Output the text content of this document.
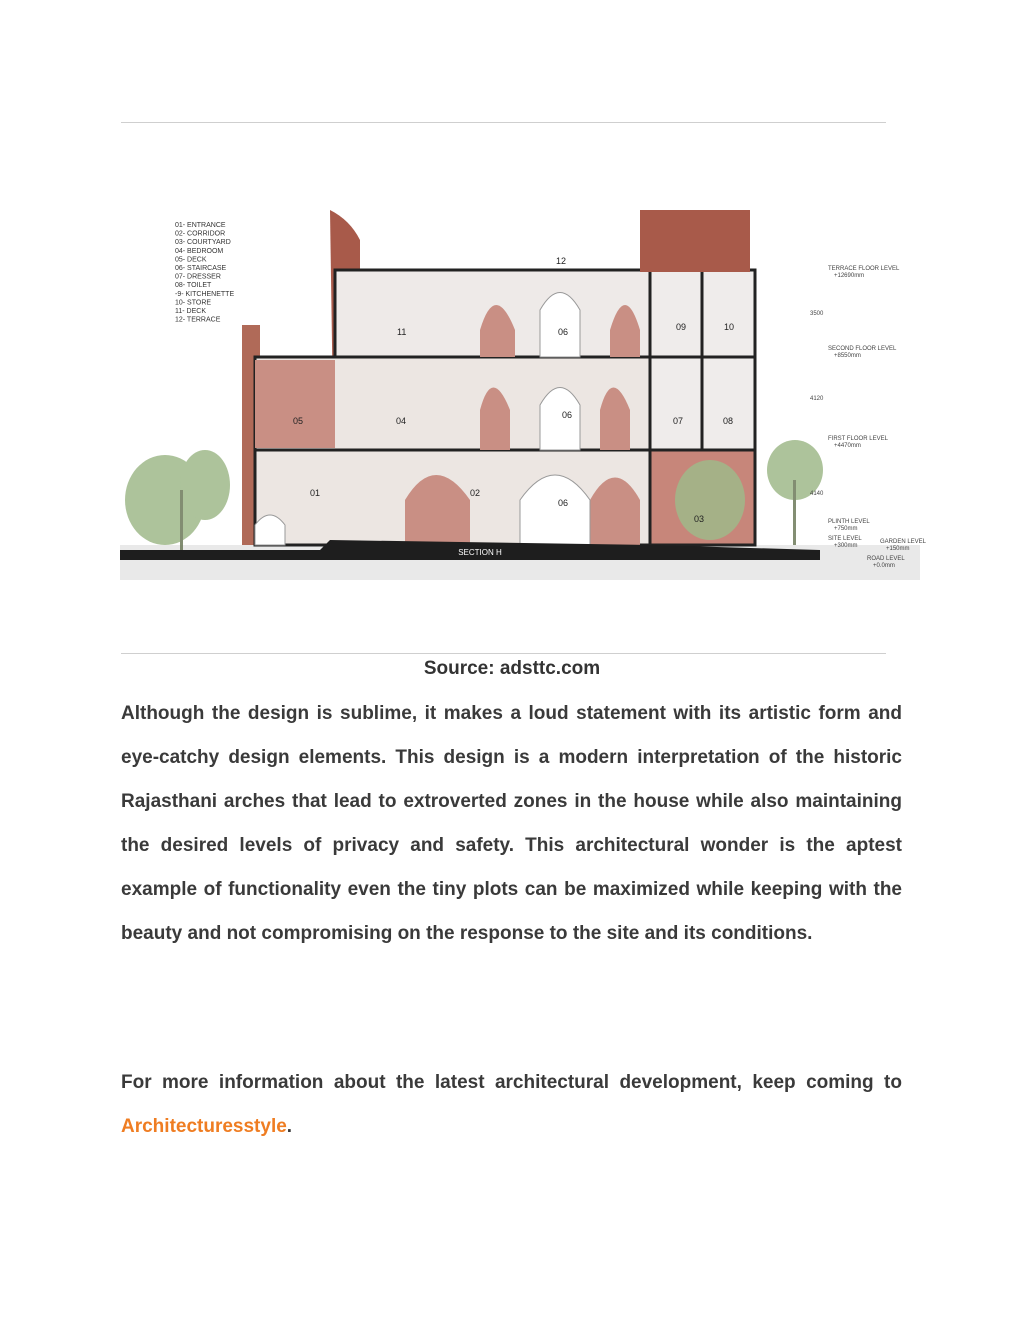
01- ENTRANCE
02- CORRIDOR
03- COURTYARD
04- BEDROOM
05- DECK
06- STAIRCASE
07- DRESSER
08- TOILET
-9- KITCHENETTE
10- STORE
11- DECK
12- TERRACE
12
11	06	09	10
05	04
06
07	08
01	02
06
03
TERRACE FLOOR LEVEL
+12690mm
SECOND FLOOR LEVEL
+8550mm
FIRST FLOOR LEVEL
+4470mm
PLINTH LEVEL
+750mm
SITE LEVEL
+300mm
GARDEN LEVEL
+150mm
ROAD LEVEL
+0.0mm
3500
4120
4140
SECTION H
Source: adsttc.com

Although the design is sublime, it makes a loud statement with its artistic form and eye-catchy design elements. This design is a modern interpretation of the historic Rajasthani arches that lead to extroverted zones in the house while also maintaining the desired levels of privacy and safety. This architectural wonder is the aptest example of functionality even the tiny plots can be maximized while keeping with the beauty and not compromising on the response to the site and its conditions.

For more information about the latest architectural development, keep coming to Architecturesstyle.
